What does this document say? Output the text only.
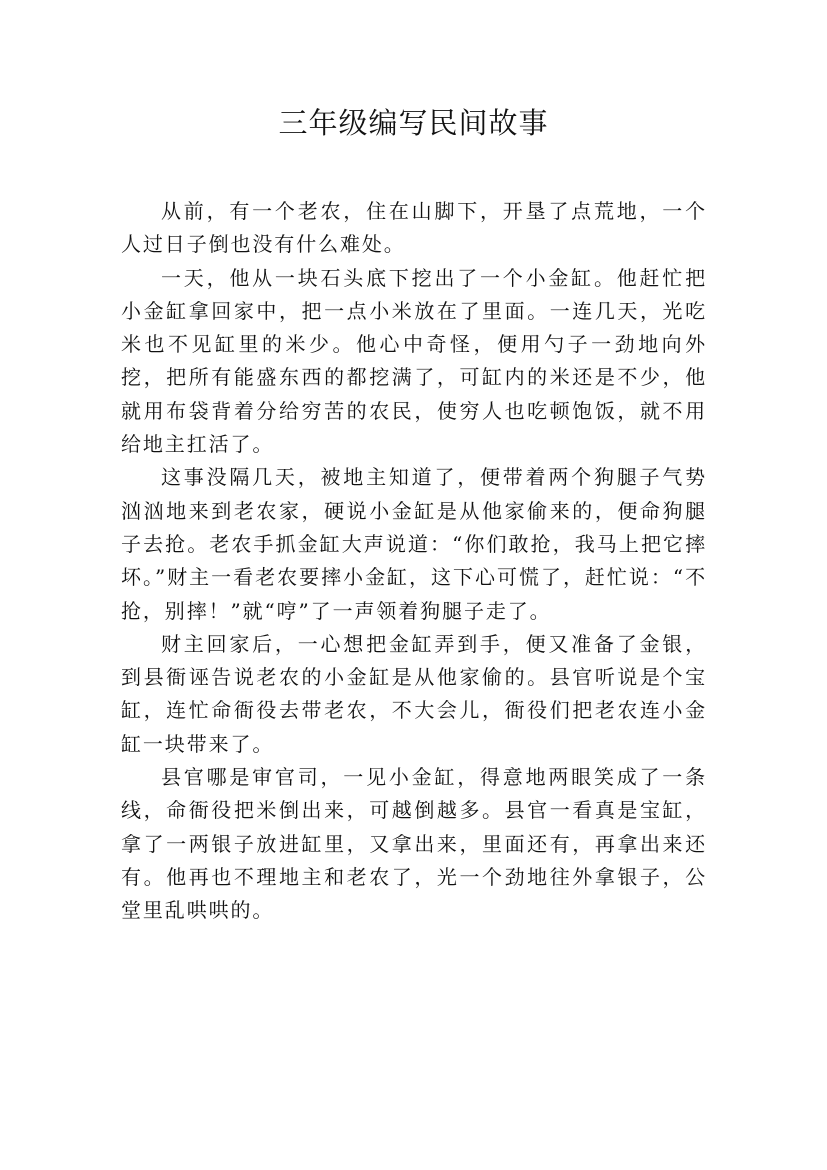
三年级编写民间故事

从前，有一个老农，住在山脚下，开垦了点荒地，一个人过日子倒也没有什么难处。

一天，他从一块石头底下挖出了一个小金缸。他赶忙把小金缸拿回家中，把一点小米放在了里面。一连几天，光吃米也不见缸里的米少。他心中奇怪，便用勺子一劲地向外挖，把所有能盛东西的都挖满了，可缸内的米还是不少，他就用布袋背着分给穷苦的农民，使穷人也吃顿饱饭，就不用给地主扛活了。

这事没隔几天，被地主知道了，便带着两个狗腿子气势汹汹地来到老农家，硬说小金缸是从他家偷来的，便命狗腿子去抢。老农手抓金缸大声说道：“你们敢抢，我马上把它摔坏。”财主一看老农要摔小金缸，这下心可慌了，赶忙说：“不抢，别摔！”就“哼”了一声领着狗腿子走了。

财主回家后，一心想把金缸弄到手，便又准备了金银，到县衙诬告说老农的小金缸是从他家偷的。县官听说是个宝缸，连忙命衙役去带老农，不大会儿，衙役们把老农连小金缸一块带来了。

县官哪是审官司，一见小金缸，得意地两眼笑成了一条线，命衙役把米倒出来，可越倒越多。县官一看真是宝缸，拿了一两银子放进缸里，又拿出来，里面还有，再拿出来还有。他再也不理地主和老农了，光一个劲地往外拿银子，公堂里乱哄哄的。
